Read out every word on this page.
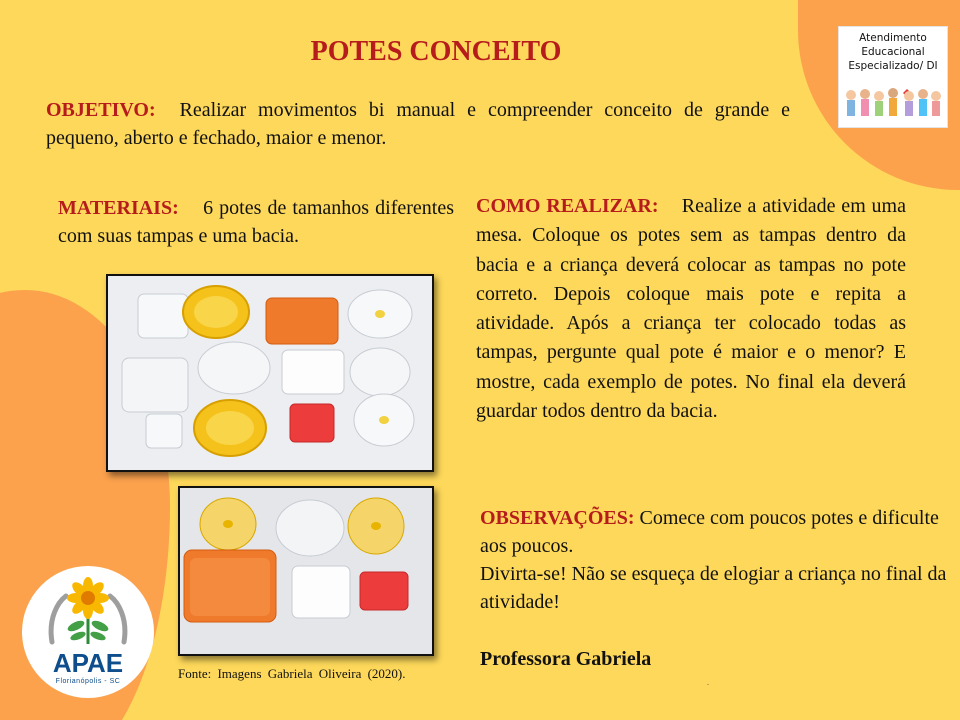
Atendimento
Educacional
Especializado/ DI
POTES CONCEITO
OBJETIVO: Realizar movimentos bi manual e compreender conceito de grande e pequeno, aberto e fechado, maior e menor.
MATERIAIS: 6 potes de tamanhos diferentes com suas tampas e uma bacia.
COMO REALIZAR: Realize a atividade em uma mesa. Coloque os potes sem as tampas dentro da bacia e a criança deverá colocar as tampas no pote correto. Depois coloque mais pote e repita a atividade. Após a criança ter colocado todas as tampas, pergunte qual pote é maior e o menor? E mostre, cada exemplo de potes. No final ela deverá guardar todos dentro da bacia.
OBSERVAÇÕES: Comece com poucos potes e dificulte aos poucos.
Divirta-se! Não se esqueça de elogiar a criança no final da atividade!
Professora Gabriela
Fonte: Imagens Gabriela Oliveira (2020).
APAE
Florianópolis - SC	.
